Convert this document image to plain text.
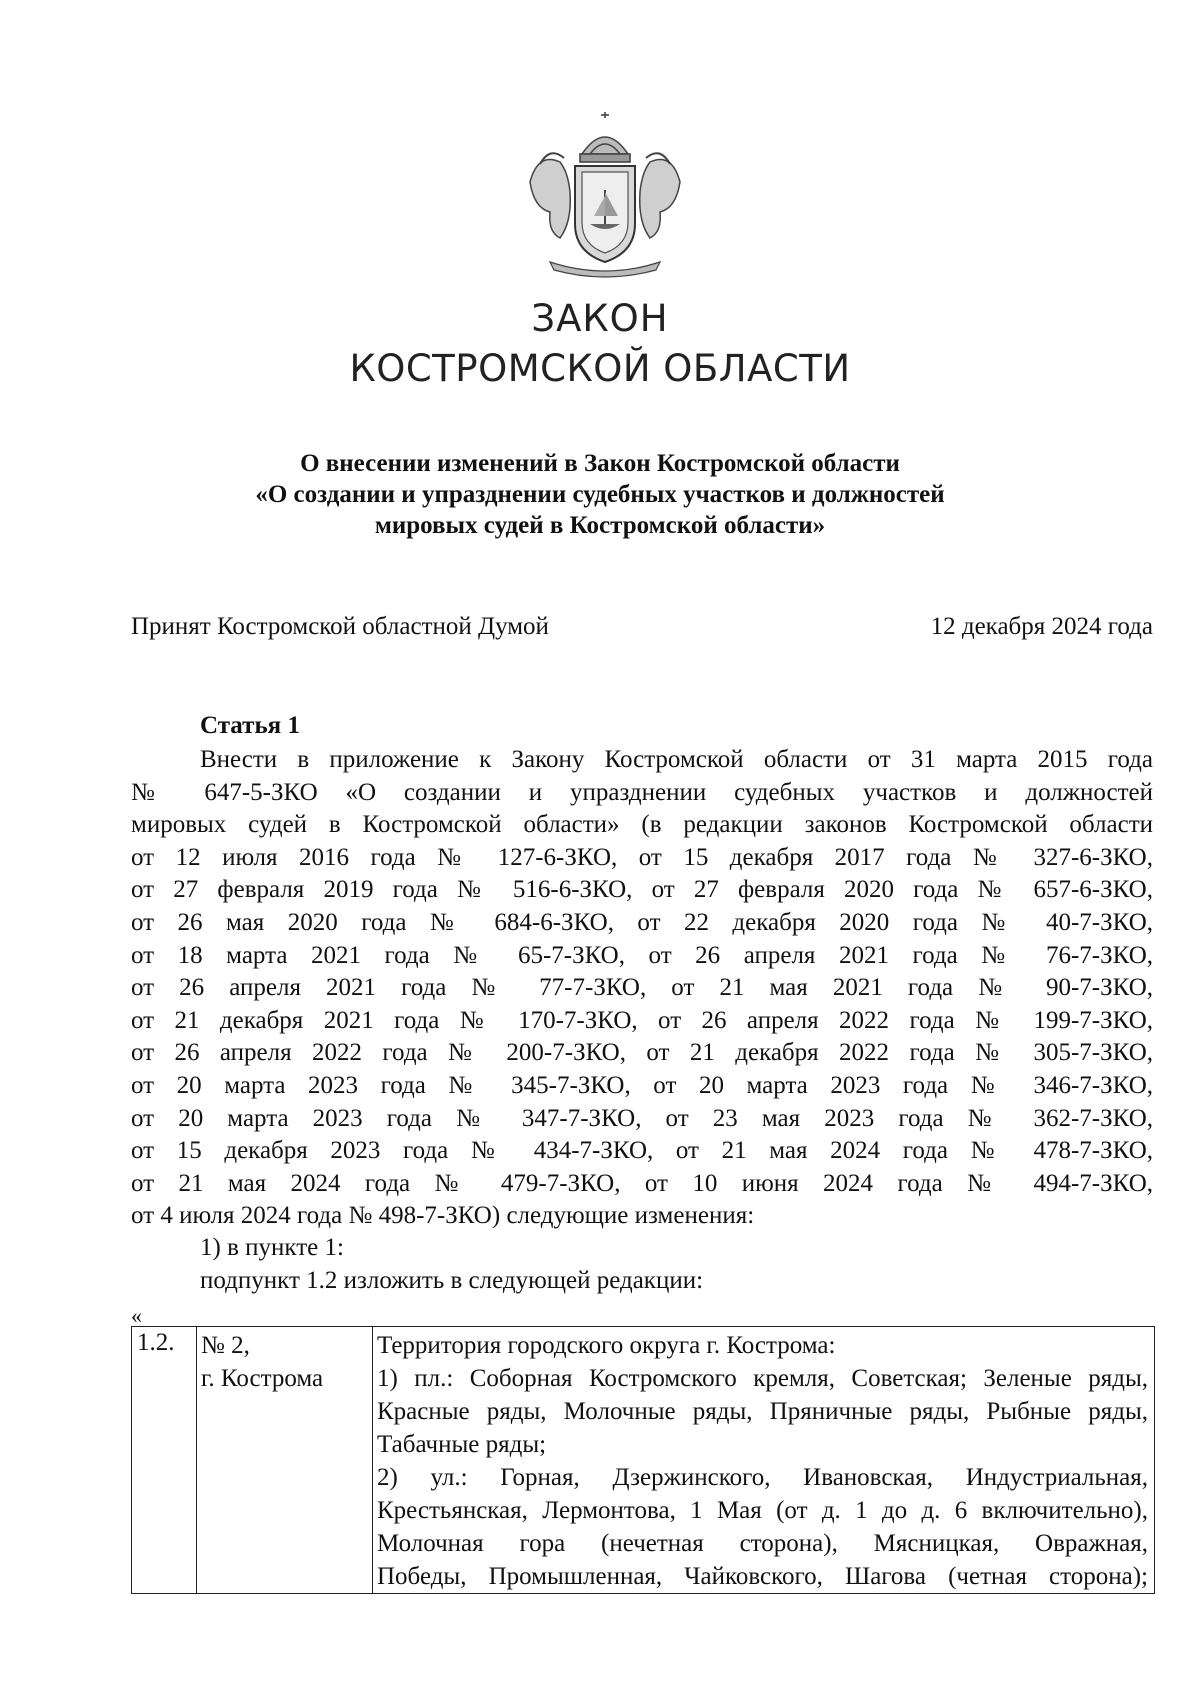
ЗАКОН
КОСТРОМСКОЙ ОБЛАСТИ
О внесении изменений в Закон Костромской области
«О создании и упразднении судебных участков и должностей
мировых судей в Костромской области»
Принят Костромской областной Думой	12 декабря 2024 года
Статья 1
Внести в приложение к Закону Костромской области от 31 марта 2015 года
№ 647-5-ЗКО «О создании и упразднении судебных участков и должностей
мировых судей в Костромской области» (в редакции законов Костромской области
от 12 июля 2016 года № 127-6-ЗКО, от 15 декабря 2017 года № 327-6-ЗКО,
от 27 февраля 2019 года № 516-6-ЗКО, от 27 февраля 2020 года № 657-6-ЗКО,
от 26 мая 2020 года № 684-6-ЗКО, от 22 декабря 2020 года № 40-7-ЗКО,
от 18 марта 2021 года № 65-7-ЗКО, от 26 апреля 2021 года № 76-7-ЗКО,
от 26 апреля 2021 года № 77-7-ЗКО, от 21 мая 2021 года № 90-7-ЗКО,
от 21 декабря 2021 года № 170-7-ЗКО, от 26 апреля 2022 года № 199-7-ЗКО,
от 26 апреля 2022 года № 200-7-ЗКО, от 21 декабря 2022 года № 305-7-ЗКО,
от 20 марта 2023 года № 345-7-ЗКО, от 20 марта 2023 года № 346-7-ЗКО,
от 20 марта 2023 года № 347-7-ЗКО, от 23 мая 2023 года № 362-7-ЗКО,
от 15 декабря 2023 года № 434-7-ЗКО, от 21 мая 2024 года № 478-7-ЗКО,
от 21 мая 2024 года № 479-7-ЗКО, от 10 июня 2024 года № 494-7-ЗКО,
от 4 июля 2024 года № 498-7-ЗКО) следующие изменения:
1) в пункте 1:
подпункт 1.2 изложить в следующей редакции:
«
1.2.	№ 2,
г. Кострома

Территория городского округа г. Кострома:
1) пл.: Соборная Костромского кремля, Советская; Зеленые ряды,
Красные ряды, Молочные ряды, Пряничные ряды, Рыбные ряды,
Табачные ряды;
2) ул.: Горная, Дзержинского, Ивановская, Индустриальная,
Крестьянская, Лермонтова, 1 Мая (от д. 1 до д. 6 включительно),
Молочная гора (нечетная сторона), Мясницкая, Овражная,
Победы, Промышленная, Чайковского, Шагова (четная сторона);
